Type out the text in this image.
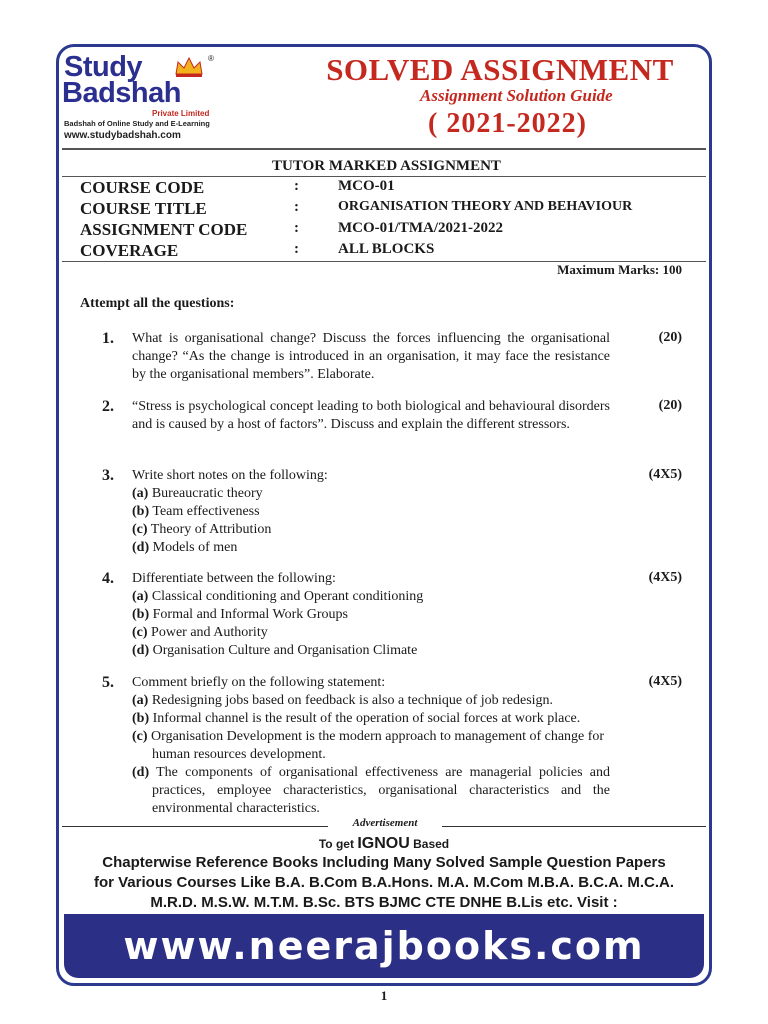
Study	®
Badshah
Private Limited
Badshah of Online Study and E-Learning
www.studybadshah.com
SOLVED ASSIGNMENT
Assignment Solution Guide
( 2021-2022)
TUTOR MARKED ASSIGNMENT
COURSE CODE	:	MCO-01
COURSE TITLE	:	ORGANISATION THEORY AND BEHAVIOUR
ASSIGNMENT CODE	:	MCO-01/TMA/2021-2022
COVERAGE	:	ALL BLOCKS
Maximum Marks: 100
Attempt all the questions:
1. What is organisational change? Discuss the forces influencing the organisational change? “As the change is introduced in an organisation, it may face the resistance by the organisational members”. Elaborate.
(20)
2. “Stress is psychological concept leading to both biological and behavioural disorders and is caused by a host of factors”. Discuss and explain the different stressors.
(20)
3. Write short notes on the following:
(a) Bureaucratic theory
(b) Team effectiveness
(c) Theory of Attribution
(d) Models of men
(4X5)
4. Differentiate between the following:
(a) Classical conditioning and Operant conditioning
(b) Formal and Informal Work Groups
(c) Power and Authority
(d) Organisation Culture and Organisation Climate
(4X5)
5. Comment briefly on the following statement:
(a) Redesigning jobs based on feedback is also a technique of job redesign.
(b) Informal channel is the result of the operation of social forces at work place.
(c) Organisation Development is the modern approach to management of change for human resources development.
(d) The components of organisational effectiveness are managerial policies and practices, employee characteristics, organisational characteristics and the environmental characteristics.
(4X5)
Advertisement
To get IGNOU Based
Chapterwise Reference Books Including Many Solved Sample Question Papers
for Various Courses Like B.A. B.Com B.A.Hons. M.A. M.Com M.B.A. B.C.A. M.C.A.
M.R.D. M.S.W. M.T.M. B.Sc. BTS BJMC CTE DNHE B.Lis etc. Visit :
www.neerajbooks.com
1
